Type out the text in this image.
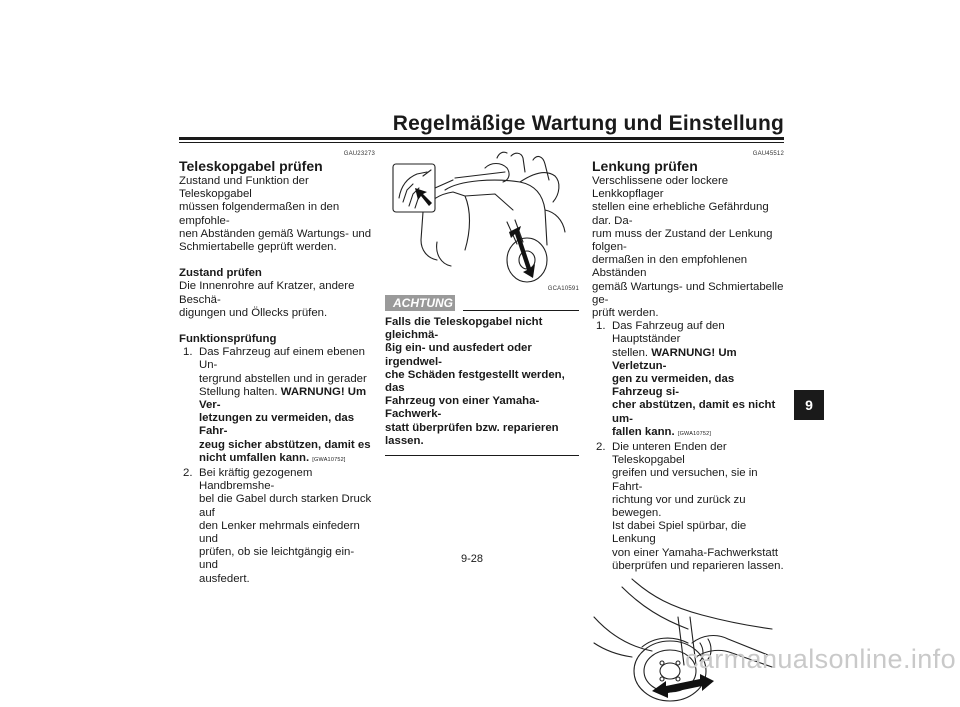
Regelmäßige Wartung und Einstellung
GAU23273
Teleskopgabel prüfen
Zustand und Funktion der Teleskopgabel
müssen folgendermaßen in den empfohle-
nen Abständen gemäß Wartungs- und
Schmiertabelle geprüft werden.
Zustand prüfen
Die Innenrohre auf Kratzer, andere Beschä-
digungen und Öllecks prüfen.
Funktionsprüfung
1. Das Fahrzeug auf einem ebenen Un-
tergrund abstellen und in gerader
Stellung halten. WARNUNG! Um Ver-
letzungen zu vermeiden, das Fahr-
zeug sicher abstützen, damit es
nicht umfallen kann. [GWA10752]
2. Bei kräftig gezogenem Handbremshe-
bel die Gabel durch starken Druck auf
den Lenker mehrmals einfedern und
prüfen, ob sie leichtgängig ein- und
ausfedert.
GCA10591
ACHTUNG
Falls die Teleskopgabel nicht gleichmä-
ßig ein- und ausfedert oder irgendwel-
che Schäden festgestellt werden, das
Fahrzeug von einer Yamaha-Fachwerk-
statt überprüfen bzw. reparieren lassen.
GAU45512
Lenkung prüfen
Verschlissene oder lockere Lenkkopflager
stellen eine erhebliche Gefährdung dar. Da-
rum muss der Zustand der Lenkung folgen-
dermaßen in den empfohlenen Abständen
gemäß Wartungs- und Schmiertabelle ge-
prüft werden.
1. Das Fahrzeug auf den Hauptständer
stellen. WARNUNG! Um Verletzun-
gen zu vermeiden, das Fahrzeug si-
cher abstützen, damit es nicht um-
fallen kann. [GWA10752]
2. Die unteren Enden der Teleskopgabel
greifen und versuchen, sie in Fahrt-
richtung vor und zurück zu bewegen.
Ist dabei Spiel spürbar, die Lenkung
von einer Yamaha-Fachwerkstatt
überprüfen und reparieren lassen.
9
9-28
carmanualsonline.info
